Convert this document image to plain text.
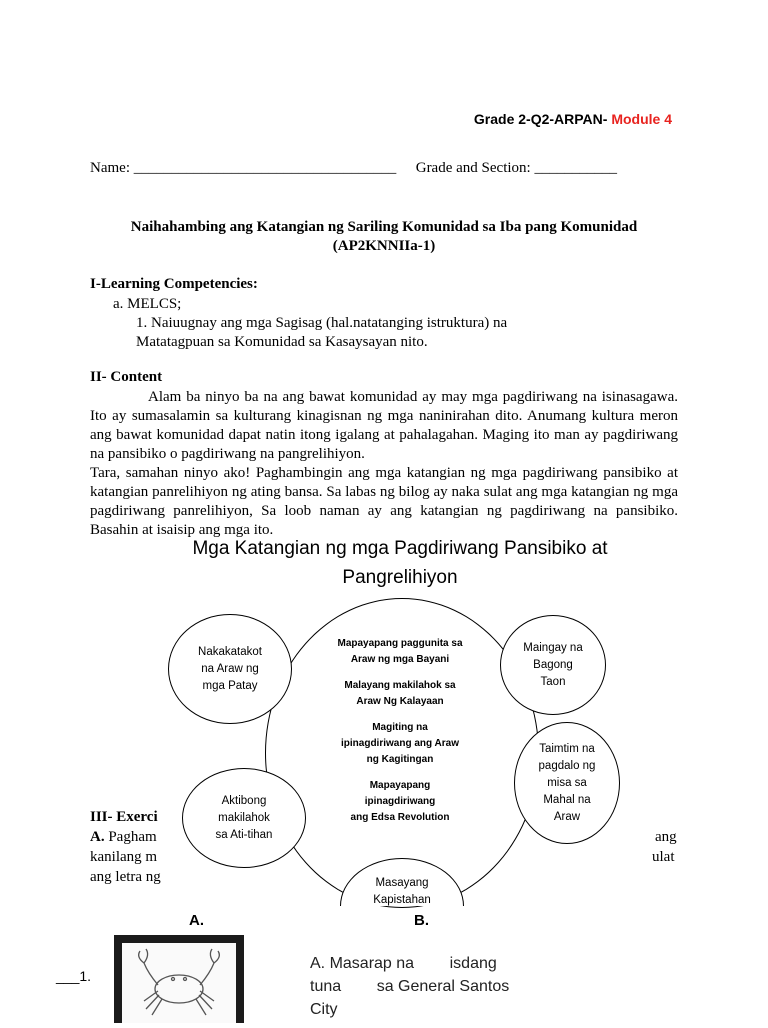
Grade 2-Q2-ARPAN- Module 4
Name: ___________________________________ Grade and Section: ___________
Naihahambing ang Katangian ng Sariling Komunidad sa Iba pang Komunidad
(AP2KNNIIa-1)
I-Learning Competencies:
a. MELCS;
1. Naiuugnay ang mga Sagisag (hal.natatanging istruktura) na
Matatagpuan sa Komunidad sa Kasaysayan nito.
II- Content

Alam ba ninyo ba na ang bawat komunidad ay may mga pagdiriwang na isinasagawa. Ito ay sumasalamin sa kulturang kinagisnan ng mga naninirahan dito. Anumang kultura meron ang bawat komunidad dapat natin itong igalang at pahalagahan. Maging ito man ay pagdiriwang na pansibiko o pagdiriwang na pangrelihiyon.

Tara, samahan ninyo ako! Paghambingin ang mga katangian ng mga pagdiriwang pansibiko at katangian panrelihiyon ng ating bansa. Sa labas ng bilog ay naka sulat ang mga katangian ng mga pagdiriwang panrelihiyon, Sa loob naman ay ang katangian ng pagdiriwang na pansibiko. Basahin at isaisip ang mga ito.

Mga Katangian ng mga Pagdiriwang Pansibiko at
Pangrelihiyon
III- Exerci
A. Pagham	ang
kanilang m	ulat
ang letra ng
Mapayapang paggunita sa
Araw ng mga Bayani
Malayang makilahok sa
Araw Ng Kalayaan
Magiting na
ipinagdiriwang ang Araw
ng Kagitingan
Mapayapang
ipinagdiriwang
ang Edsa Revolution
Nakakatakot
na Araw ng
mga Patay
Maingay na
Bagong
Taon
Taimtim na
pagdalo ng
misa sa
Mahal na
Araw
Aktibong
makilahok
sa Ati-tihan
Masayang
Kapistahan
A.	B.
___1.
A. Masarap na        isdang
tuna        sa General Santos
City
